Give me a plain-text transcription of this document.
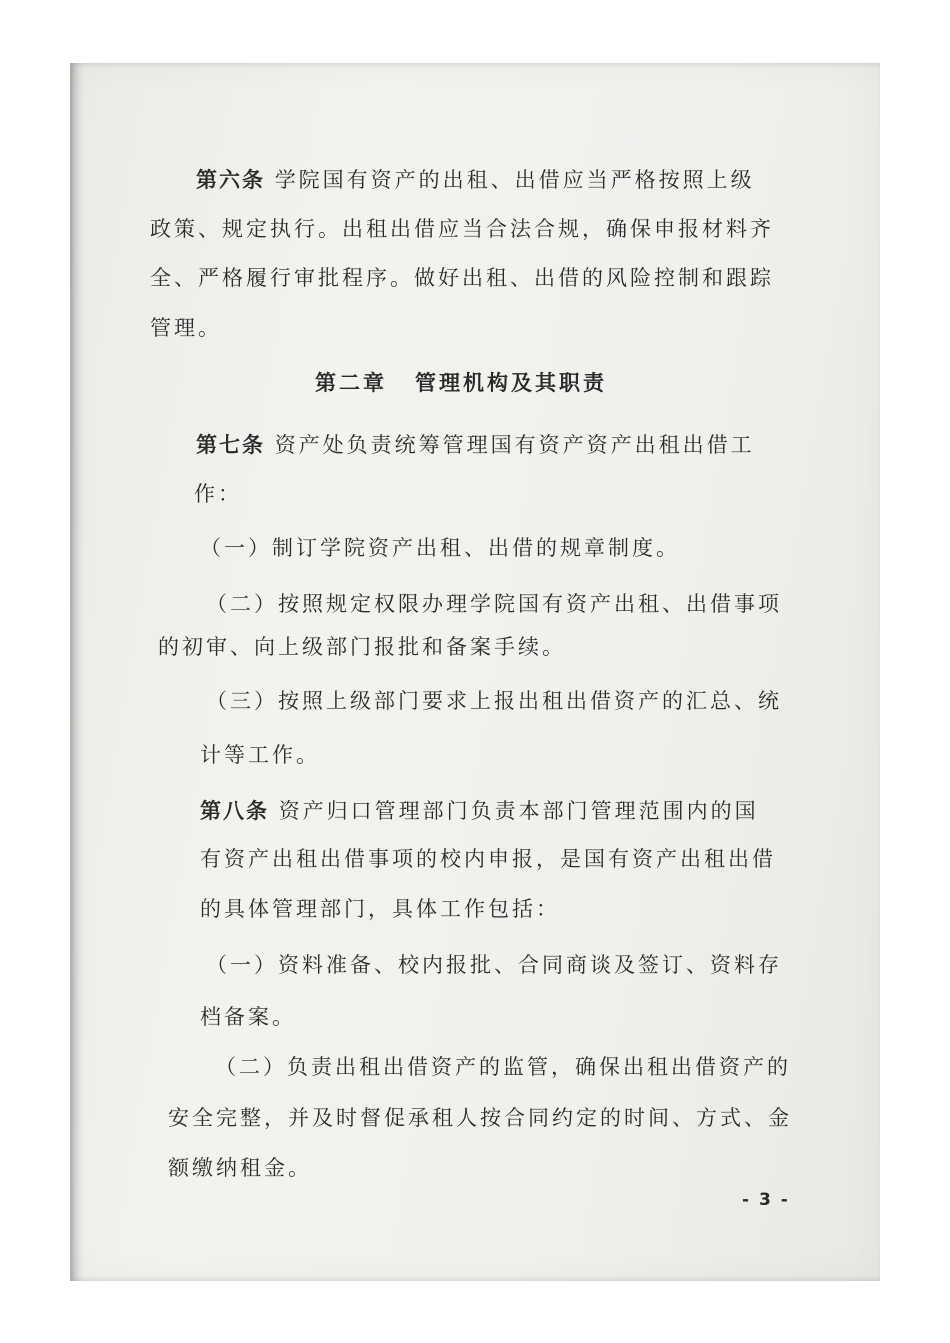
第六条 学院国有资产的出租、出借应当严格按照上级

政策、规定执行。出租出借应当合法合规，确保申报材料齐

全、严格履行审批程序。做好出租、出借的风险控制和跟踪

管理。

第二章 管理机构及其职责

第七条 资产处负责统筹管理国有资产资产出租出借工

作：

（一）制订学院资产出租、出借的规章制度。

（二）按照规定权限办理学院国有资产出租、出借事项

的初审、向上级部门报批和备案手续。

（三）按照上级部门要求上报出租出借资产的汇总、统

计等工作。

第八条 资产归口管理部门负责本部门管理范围内的国

有资产出租出借事项的校内申报，是国有资产出租出借

的具体管理部门，具体工作包括：

（一）资料准备、校内报批、合同商谈及签订、资料存

档备案。

（二）负责出租出借资产的监管，确保出租出借资产的

安全完整，并及时督促承租人按合同约定的时间、方式、金

额缴纳租金。

- 3 -
